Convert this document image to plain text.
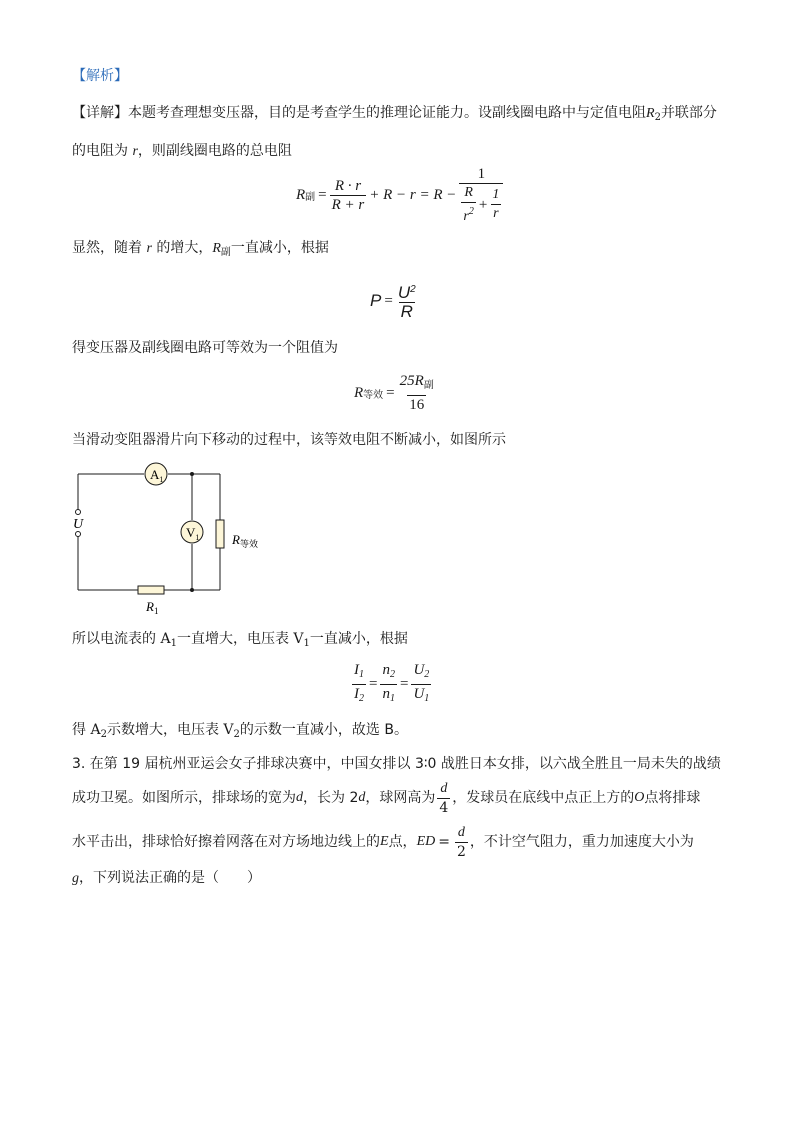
【解析】
【详解】本题考查理想变压器，目的是考查学生的推理论证能力。设副线圈电路中与定值电阻$R_2$并联部分
的电阻为 r，则副线圈电路的总电阻
R 副 = $\frac{R \cdot r}{R + r} + R - r = R - \frac{1}{\frac{R}{r^2} + \frac{1}{r}}$
显然，随着 r 的增大，$R_副$一直减小，根据
$P = \frac{U^2}{R}$
得变压器及副线圈电路可等效为一个阻值为
R 等效 = $\frac{25R_副}{16}$
当滑动变阻器滑片向下移动的过程中，该等效电阻不断减小，如图所示
$A_1$
$V_1$
$R_1$
$R_{等效}$
U
所以电流表的 $A_1$一直增大，电压表 $V_1$一直减小，根据
$\frac{I_1}{I_2} = \frac{n_2}{n_1} = \frac{U_2}{U_1}$
得 $A_2$示数增大，电压表 $V_2$的示数一直减小，故选 B。
3. 在第 19 届杭州亚运会女子排球决赛中，中国女排以 3∶0 战胜日本女排，以六战全胜且一局未失的战绩
成功卫冕。如图所示，排球场的宽为 d ，长为 2 d ，球网高为 $\frac{d}{4}$ ，发球员在底线中点正上方的 O 点将排球
水平击出，排球恰好擦着网落在对方场地边线上的 E 点， ED = $\frac{d}{2}$ ，不计空气阻力，重力加速度大小为
g，下列说法正确的是（　　）
